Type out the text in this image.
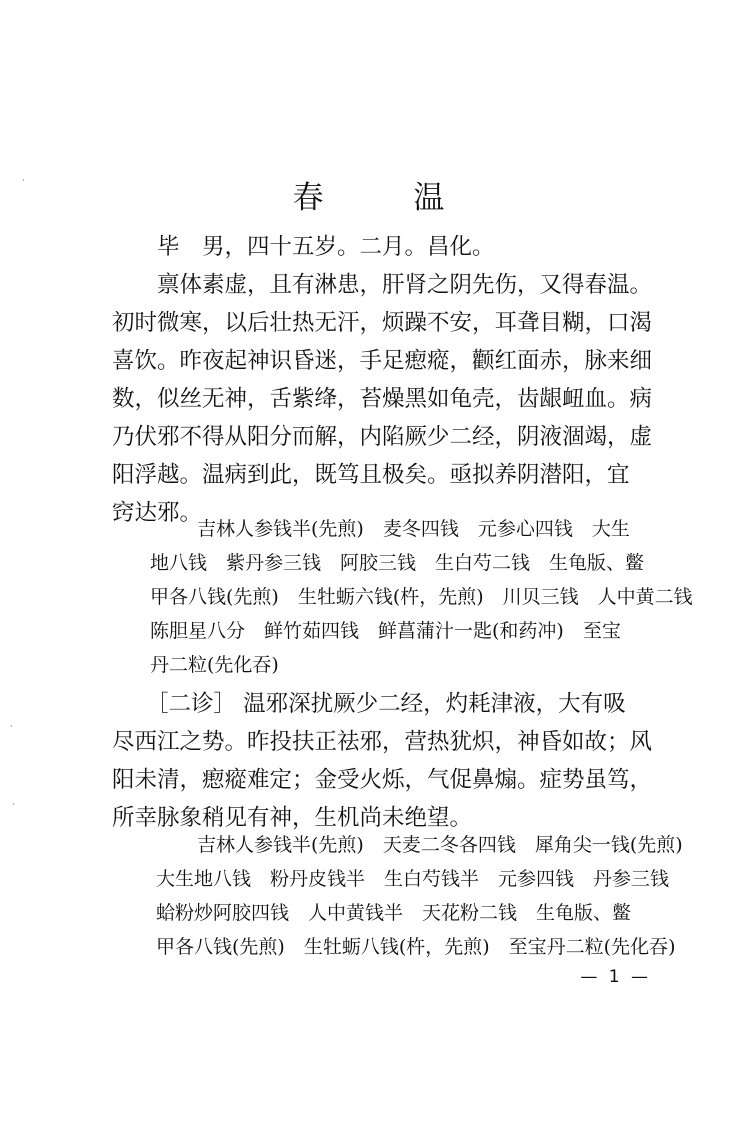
春 温
毕　男，四十五岁。二月。昌化。
禀体素虚，且有淋患，肝肾之阴先伤，又得春温。
初时微寒，以后壮热无汗，烦躁不安，耳聋目糊，口渴
喜饮。昨夜起神识昏迷，手足瘛瘲，颧红面赤，脉来细
数，似丝无神，舌紫绛，苔燥黑如龟壳，齿龈衄血。病
乃伏邪不得从阳分而解，内陷厥少二经，阴液涸竭，虚
阳浮越。温病到此，既笃且极矣。亟拟养阴潜阳，宜
窍达邪。
吉林人参钱半(先煎)　麦冬四钱　元参心四钱　大生
地八钱　紫丹参三钱　阿胶三钱　生白芍二钱　生龟版、鳖
甲各八钱(先煎)　生牡蛎六钱(杵，先煎)　川贝三钱　人中黄二钱
陈胆星八分　鲜竹茹四钱　鲜菖蒲汁一匙(和药冲)　至宝
丹二粒(先化吞)
［二诊］ 温邪深扰厥少二经，灼耗津液，大有吸
尽西江之势。昨投扶正祛邪，营热犹炽，神昏如故；风
阳未清，瘛瘲难定；金受火烁，气促鼻煽。症势虽笃，
所幸脉象稍见有神，生机尚未绝望。
吉林人参钱半(先煎)　天麦二冬各四钱　犀角尖一钱(先煎)
大生地八钱　粉丹皮钱半　生白芍钱半　元参四钱　丹参三钱
蛤粉炒阿胶四钱　人中黄钱半　天花粉二钱　生龟版、鳖
甲各八钱(先煎)　生牡蛎八钱(杵，先煎)　至宝丹二粒(先化吞)
— 1 —
·
·
·
